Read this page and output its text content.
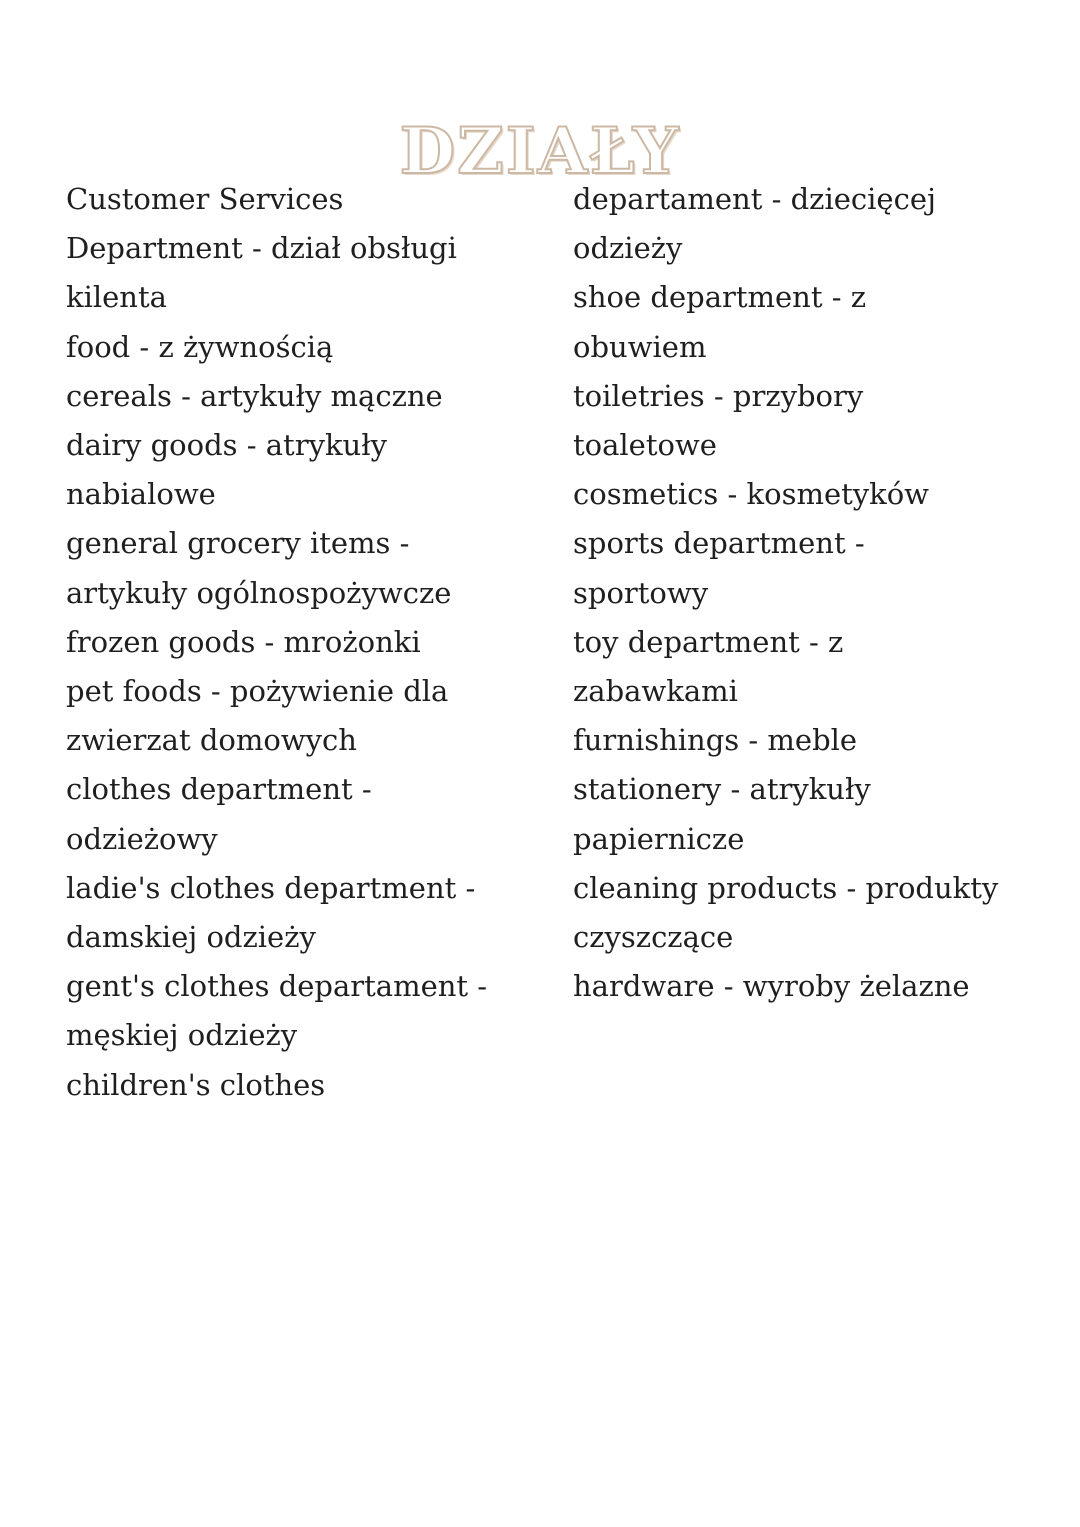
DZIAŁY
Customer Services
Department - dział obsługi
kilenta
food - z żywnością
cereals - artykuły mączne
dairy goods - atrykuły
nabialowe
general grocery items -
artykuły ogólnospożywcze
frozen goods - mrożonki
pet foods - pożywienie dla
zwierzat domowych
clothes department -
odzieżowy
ladie's clothes department -
damskiej odzieży
gent's clothes departament -
męskiej odzieży
children's clothes
departament - dziecięcej
odzieży
shoe department - z
obuwiem
toiletries - przybory
toaletowe
cosmetics - kosmetyków
sports department -
sportowy
toy department - z
zabawkami
furnishings - meble
stationery - atrykuły
papiernicze
cleaning products - produkty
czyszczące
hardware - wyroby żelazne
